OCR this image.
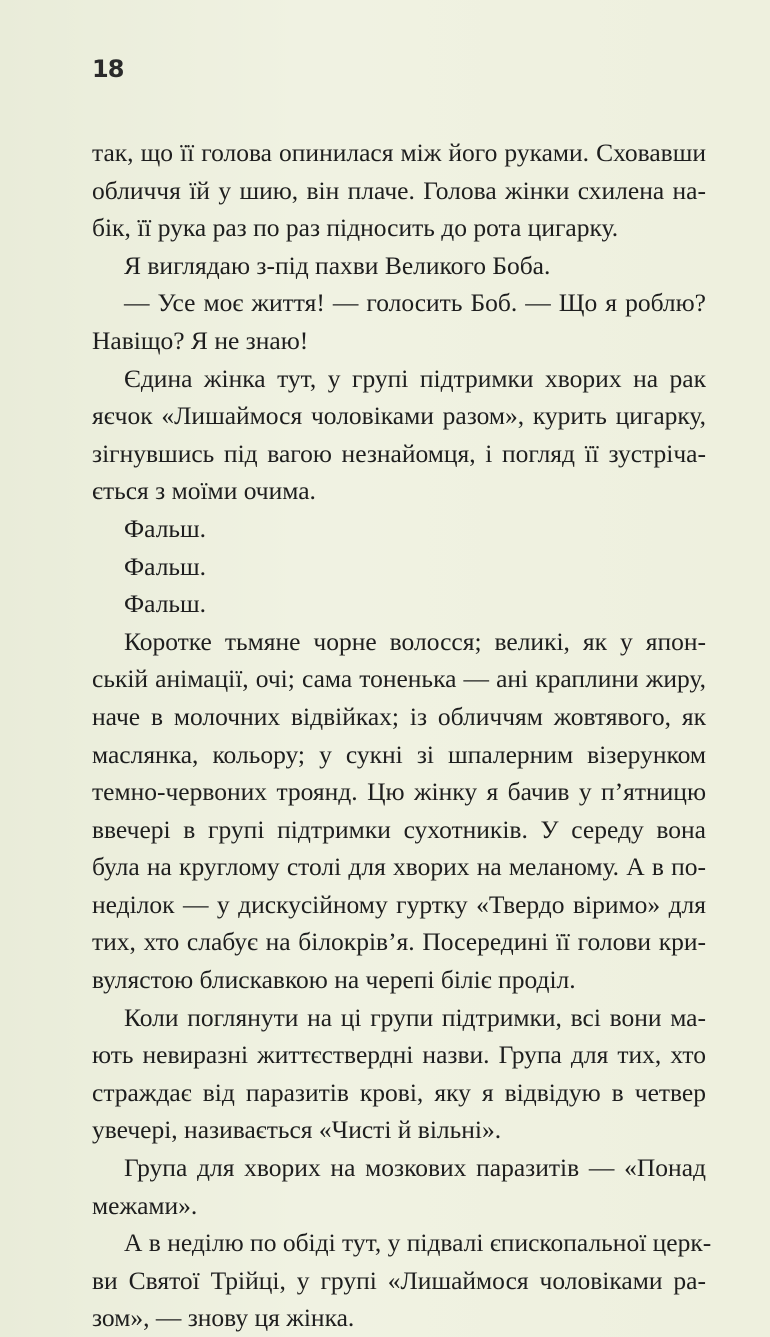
18
так, що її голова опинилася між його руками. Сховавши
обличчя їй у шию, він плаче. Голова жінки схилена на-
бік, її рука раз по раз підносить до рота цигарку.
Я виглядаю з-під пахви Великого Боба.
— Усе моє життя! — голосить Боб. — Що я роблю?
Навіщо? Я не знаю!
Єдина жінка тут, у групі підтримки хворих на рак
яєчок «Лишаймося чоловіками разом», курить цигарку,
зігнувшись під вагою незнайомця, і погляд її зустріча-
ється з моїми очима.
Фальш.
Фальш.
Фальш.
Коротке тьмяне чорне волосся; великі, як у япон-
ській анімації, очі; сама тоненька — ані краплини жиру,
наче в молочних відвійках; із обличчям жовтявого, як
маслянка, кольору; у сукні зі шпалерним візерунком
темно-червоних троянд. Цю жінку я бачив у п’ятницю
ввечері в групі підтримки сухотників. У середу вона
була на круглому столі для хворих на меланому. А в по-
неділок — у дискусійному гуртку «Твердо віримо» для
тих, хто слабує на білокрів’я. Посередині її голови кри-
вулястою блискавкою на черепі біліє проділ.
Коли поглянути на ці групи підтримки, всі вони ма-
ють невиразні життєствердні назви. Група для тих, хто
страждає від паразитів крові, яку я відвідую в четвер
увечері, називається «Чисті й вільні».
Група для хворих на мозкових паразитів — «Понад
межами».
А в неділю по обіді тут, у підвалі єпископальної церк-
ви Святої Трійці, у групі «Лишаймося чоловіками ра-
зом», — знову ця жінка.
